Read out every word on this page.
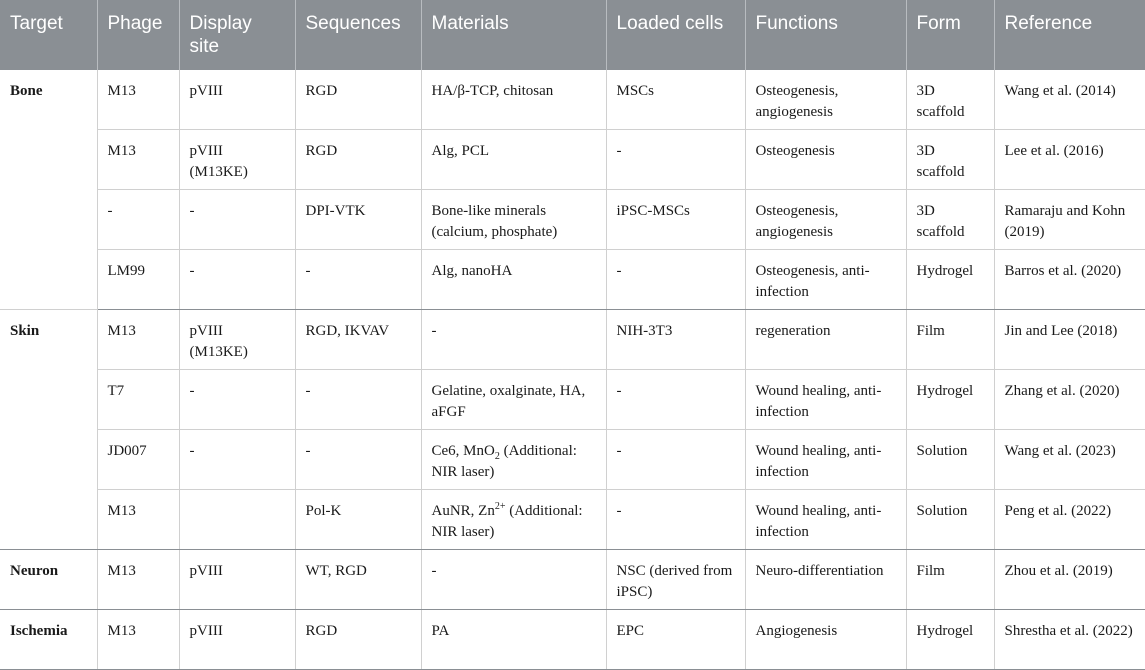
Target	Phage	Display site	Sequences	Materials	Loaded cells	Functions	Form	Reference
Bone	M13	pVIII	RGD	HA/β-TCP, chitosan	MSCs	Osteogenesis, angiogenesis	3D scaffold	Wang et al. (2014)
	M13	pVIII (M13KE)	RGD	Alg, PCL	-	Osteogenesis	3D scaffold	Lee et al. (2016)
	-	-	DPI-VTK	Bone-like minerals (calcium, phosphate)	iPSC-MSCs	Osteogenesis, angiogenesis	3D scaffold	Ramaraju and Kohn (2019)
	LM99	-	-	Alg, nanoHA	-	Osteogenesis, anti-infection	Hydrogel	Barros et al. (2020)
Skin	M13	pVIII (M13KE)	RGD, IKVAV	-	NIH-3T3	regeneration	Film	Jin and Lee (2018)
	T7	-	-	Gelatine, oxalginate, HA, aFGF	-	Wound healing, anti-infection	Hydrogel	Zhang et al. (2020)
	JD007	-	-	Ce6, MnO$_2$ (Additional: NIR laser)	-	Wound healing, anti-infection	Solution	Wang et al. (2023)
	M13		Pol-K	AuNR, $Zn^{2+}$ (Additional: NIR laser)	-	Wound healing, anti-infection	Solution	Peng et al. (2022)
Neuron	M13	pVIII	WT, RGD	-	NSC (derived from iPSC)	Neuro-differentiation	Film	Zhou et al. (2019)
Ischemia	M13	pVIII	RGD	PA	EPC	Angiogenesis	Hydrogel	Shrestha et al. (2022)
